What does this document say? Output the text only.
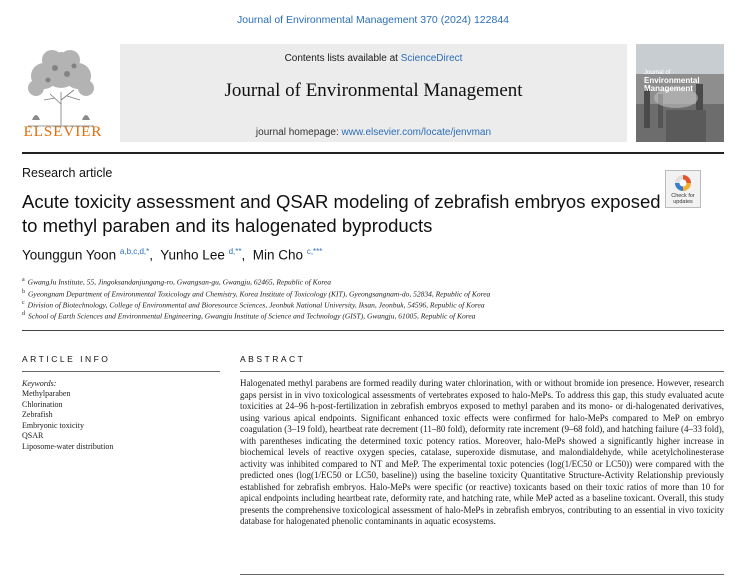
Journal of Environmental Management 370 (2024) 122844
ELSEVIER
Contents lists available at ScienceDirect
Journal of Environmental Management
journal homepage: www.elsevier.com/locate/jenvman
Journal of
Environmental
Management
Research article
Check for
updates
Acute toxicity assessment and QSAR modeling of zebrafish embryos exposed to methyl paraben and its halogenated byproducts
Younggun Yoon $^{a,b,c,d,*}$,  Yunho Lee $^{d,**}$,  Min Cho $^{c,***}$
$^a$ GwangJu Institute, 55, Jingoksandanjungang-ro, Gwangsan-gu, Gwangju, 62465, Republic of Korea
$^b$ Gyeongnam Department of Environmental Toxicology and Chemistry, Korea Institute of Toxicology (KIT), Gyeongsangnam-do, 52834, Republic of Korea
$^c$ Division of Biotechnology, College of Environmental and Bioresource Sciences, Jeonbuk National University, Iksan, Jeonbuk, 54596, Republic of Korea
$^d$ School of Earth Sciences and Environmental Engineering, Gwangju Institute of Science and Technology (GIST), Gwangju, 61005, Republic of Korea
ARTICLE INFO	ABSTRACT
Keywords:
Methylparaben
Chlorination
Zebrafish
Embryonic toxicity
QSAR
Liposome-water distribution
Halogenated methyl parabens are formed readily during water chlorination, with or without bromide ion presence. However, research gaps persist in in vivo toxicological assessments of vertebrates exposed to halo-MePs. To address this gap, this study evaluated acute toxicities at 24–96 h-post-fertilization in zebrafish embryos exposed to methyl paraben and its mono- or di-halogenated derivatives, using various apical endpoints. Significant enhanced toxic effects were confirmed for halo-MePs compared to MeP on embryo coagulation (3–19 fold), heartbeat rate decrement (11–80 fold), deformity rate increment (9–68 fold), and hatching failure (4–33 fold), with parentheses indicating the determined toxic potency ratios. Moreover, halo-MePs showed a significantly higher increase in biochemical levels of reactive oxygen species, catalase, superoxide dismutase, and malondialdehyde, while acetylcholinesterase activity was inhibited compared to NT and MeP. The experimental toxic potencies (log(1/EC50 or LC50)) were compared with the predicted ones (log(1/EC50 or LC50, baseline)) using the baseline toxicity Quantitative Structure-Activity Relationship previously established for zebrafish embryos. Halo-MePs were specific (or reactive) toxicants based on their toxic ratios of more than 10 for apical endpoints including heartbeat rate, deformity rate, and hatching rate, while MeP acted as a baseline toxicant. Overall, this study presents the comprehensive toxicological assessment of halo-MePs in zebrafish embryos, contributing to an essential in vivo toxicity database for halogenated phenolic contaminants in aquatic ecosystems.
